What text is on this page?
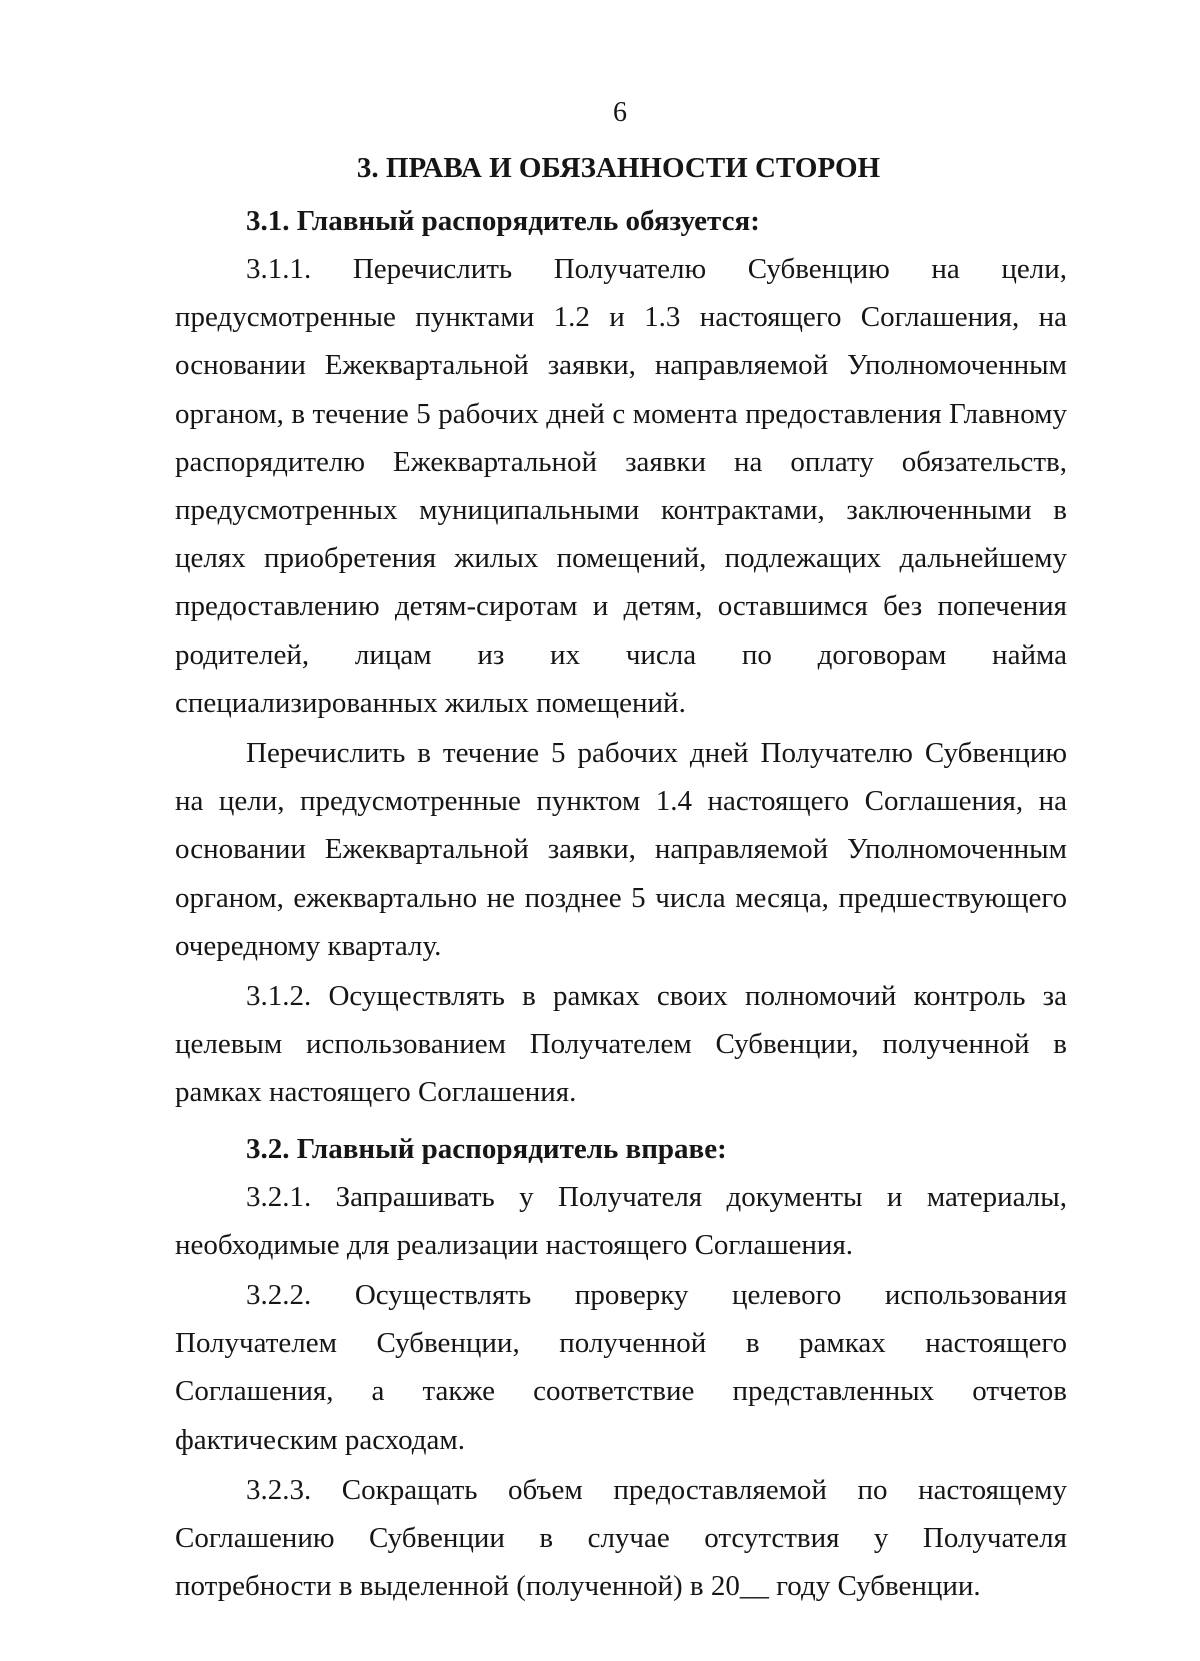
6
3. ПРАВА И ОБЯЗАННОСТИ СТОРОН

3.1. Главный распорядитель обязуется:

3.1.1. Перечислить Получателю Субвенцию на цели, предусмотренные пунктами 1.2 и 1.3 настоящего Соглашения, на основании Ежеквартальной заявки, направляемой Уполномоченным органом, в течение 5 рабочих дней с момента предоставления Главному распорядителю Ежеквартальной заявки на оплату обязательств, предусмотренных муниципальными контрактами, заключенными в целях приобретения жилых помещений, подлежащих дальнейшему предоставлению детям-сиротам и детям, оставшимся без попечения родителей, лицам из их числа по договорам найма специализированных жилых помещений.

Перечислить в течение 5 рабочих дней Получателю Субвенцию на цели, предусмотренные пунктом 1.4 настоящего Соглашения, на основании Ежеквартальной заявки, направляемой Уполномоченным органом, ежеквартально не позднее 5 числа месяца, предшествующего очередному кварталу.

3.1.2. Осуществлять в рамках своих полномочий контроль за целевым использованием Получателем Субвенции, полученной в рамках настоящего Соглашения.

3.2. Главный распорядитель вправе:

3.2.1. Запрашивать у Получателя документы и материалы, необходимые для реализации настоящего Соглашения.

3.2.2. Осуществлять проверку целевого использования Получателем Субвенции, полученной в рамках настоящего Соглашения, а также соответствие представленных отчетов фактическим расходам.

3.2.3. Сокращать объем предоставляемой по настоящему Соглашению Субвенции в случае отсутствия у Получателя потребности в выделенной (полученной) в 20__ году Субвенции.
